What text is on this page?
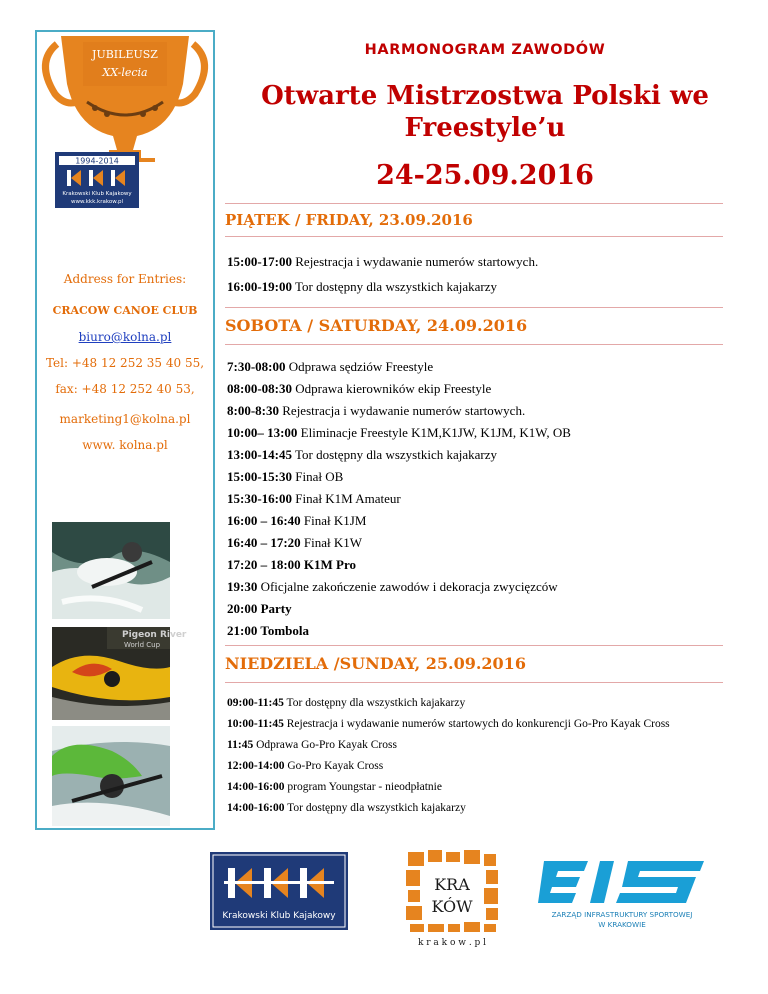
JUBILEUSZ
XX-lecia
1994-2014
Krakowski Klub Kajakowy
www.kkk.krakow.pl
Address for Entries:
CRACOW CANOE CLUB
biuro@kolna.pl
Tel: +48 12 252 35 40 55,
fax: +48 12 252 40 53,
marketing1@kolna.pl
www. kolna.pl
Pigeon River
World Cup
HARMONOGRAM ZAWODÓW
Otwarte Mistrzostwa Polski we
Freestyle’u
24-25.09.2016
PIĄTEK / FRIDAY, 23.09.2016
15:00-17:00 Rejestracja i wydawanie numerów startowych.
16:00-19:00 Tor dostępny dla wszystkich kajakarzy
SOBOTA / SATURDAY, 24.09.2016
7:30-08:00 Odprawa sędziów Freestyle
08:00-08:30 Odprawa kierowników ekip Freestyle
8:00-8:30 Rejestracja i wydawanie numerów startowych.
10:00– 13:00 Eliminacje Freestyle K1M,K1JW, K1JM, K1W, OB
13:00-14:45 Tor dostępny dla wszystkich kajakarzy
15:00-15:30 Finał OB
15:30-16:00 Finał K1M Amateur
16:00 – 16:40 Finał K1JM
16:40 – 17:20 Finał K1W
17:20 – 18:00 K1M Pro
19:30 Oficjalne zakończenie zawodów i dekoracja zwycięzców
20:00 Party
21:00 Tombola
NIEDZIELA /SUNDAY, 25.09.2016
09:00-11:45 Tor dostępny dla wszystkich kajakarzy
10:00-11:45 Rejestracja i wydawanie numerów startowych do konkurencji Go-Pro Kayak Cross
11:45 Odprawa Go-Pro Kayak Cross
12:00-14:00 Go-Pro Kayak Cross
14:00-16:00 program Youngstar - nieodpłatnie
14:00-16:00 Tor dostępny dla wszystkich kajakarzy
Krakowski Klub Kajakowy
KRA
KÓW
k r a k o w . p l
ZARZĄD INFRASTRUKTURY SPORTOWEJ
W KRAKOWIE
